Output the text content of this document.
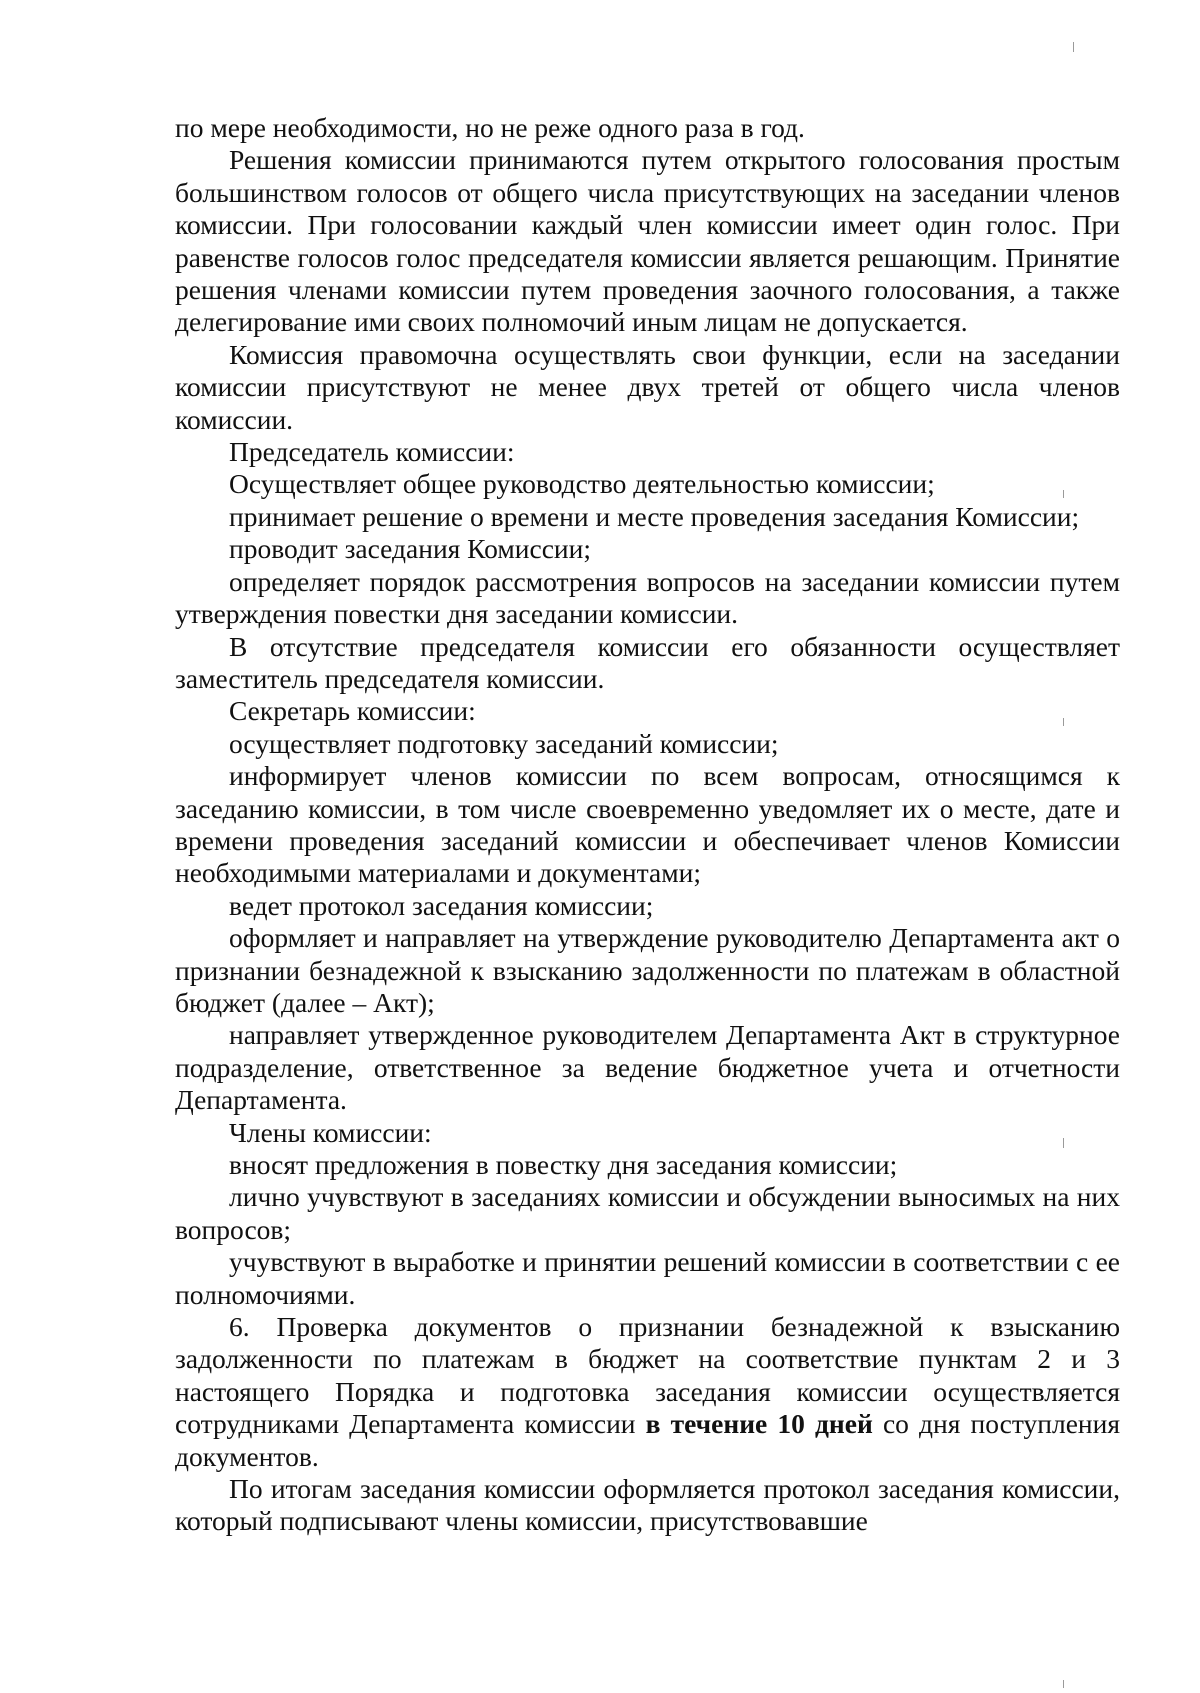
по мере необходимости, но не реже одного раза в год.

Решения комиссии принимаются путем открытого голосования простым большинством голосов от общего числа присутствующих на заседании членов комиссии. При голосовании каждый член комиссии имеет один голос. При равенстве голосов голос председателя комиссии является решающим. Принятие решения членами комиссии путем проведения заочного голосования, а также делегирование ими своих полномочий иным лицам не допускается.

Комиссия правомочна осуществлять свои функции, если на заседании комиссии присутствуют не менее двух третей от общего числа членов комиссии.

Председатель комиссии:

Осуществляет общее руководство деятельностью комиссии;

принимает решение о времени и месте проведения заседания Комиссии;

проводит заседания Комиссии;

определяет порядок рассмотрения вопросов на заседании комиссии путем утверждения повестки дня заседании комиссии.

В отсутствие председателя комиссии его обязанности осуществляет заместитель председателя комиссии.

Секретарь комиссии:

осуществляет подготовку заседаний комиссии;

информирует членов комиссии по всем вопросам, относящимся к заседанию комиссии, в том числе своевременно уведомляет их о месте, дате и времени проведения заседаний комиссии и обеспечивает членов Комиссии необходимыми материалами и документами;

ведет протокол заседания комиссии;

оформляет и направляет на утверждение руководителю Департамента акт о признании безнадежной к взысканию задолженности по платежам в областной бюджет (далее – Акт);

направляет утвержденное руководителем Департамента Акт в структурное подразделение, ответственное за ведение бюджетное учета и отчетности Департамента.

Члены комиссии:

вносят предложения в повестку дня заседания комиссии;

лично учувствуют в заседаниях комиссии и обсуждении выносимых на них вопросов;

учувствуют в выработке и принятии решений комиссии в соответствии с ее полномочиями.

6. Проверка документов о признании безнадежной к взысканию задолженности по платежам в бюджет на соответствие пунктам 2 и 3 настоящего Порядка и подготовка заседания комиссии осуществляется сотрудниками Департамента комиссии в течение 10 дней со дня поступления документов.

По итогам заседания комиссии оформляется протокол заседания комиссии, который подписывают члены комиссии, присутствовавшие
